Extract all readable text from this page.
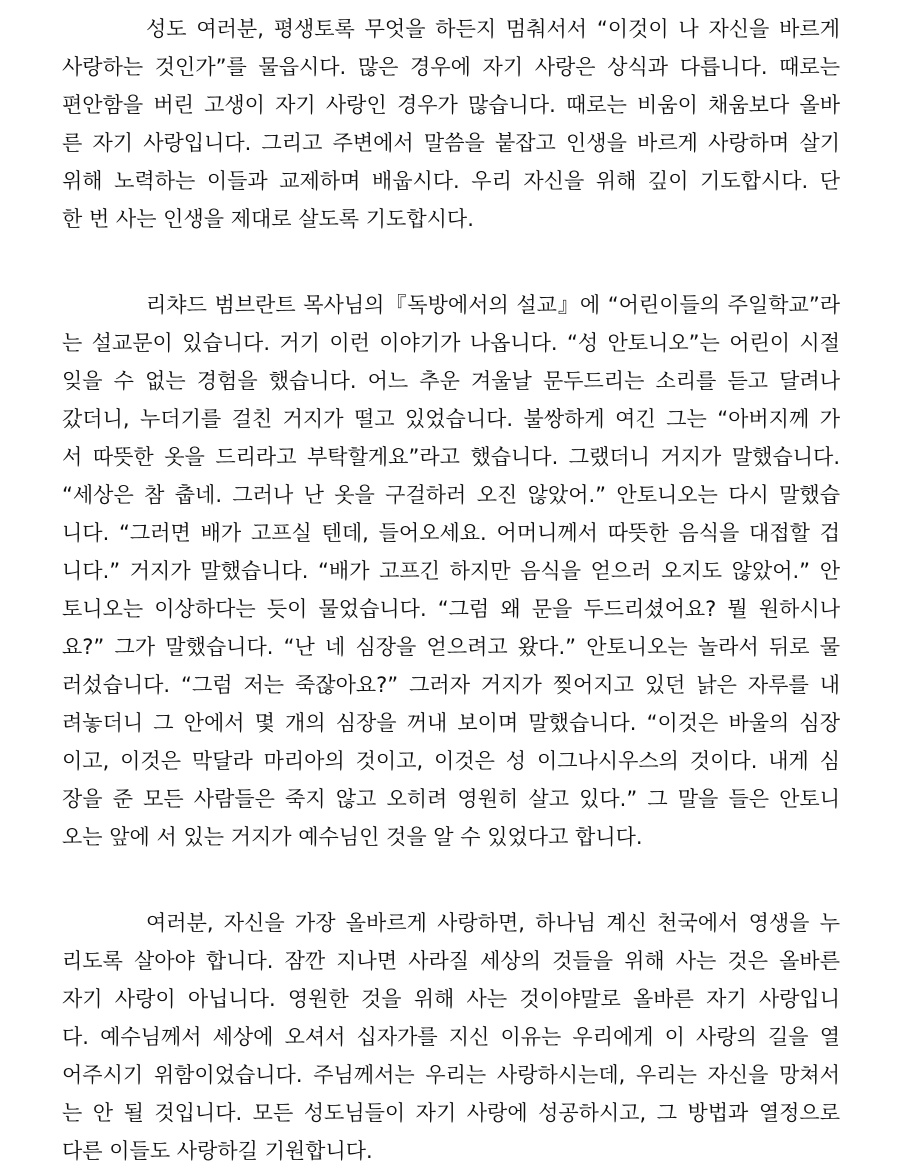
성도 여러분, 평생토록 무엇을 하든지 멈춰서서 “이것이 나 자신을 바르게
사랑하는 것인가”를 물읍시다. 많은 경우에 자기 사랑은 상식과 다릅니다. 때로는
편안함을 버린 고생이 자기 사랑인 경우가 많습니다. 때로는 비움이 채움보다 올바
른 자기 사랑입니다. 그리고 주변에서 말씀을 붙잡고 인생을 바르게 사랑하며 살기
위해 노력하는 이들과 교제하며 배웁시다. 우리 자신을 위해 깊이 기도합시다. 단
한 번 사는 인생을 제대로 살도록 기도합시다.
리챠드 범브란트 목사님의『독방에서의 설교』에 “어린이들의 주일학교”라
는 설교문이 있습니다. 거기 이런 이야기가 나옵니다. “성 안토니오”는 어린이 시절
잊을 수 없는 경험을 했습니다. 어느 추운 겨울날 문두드리는 소리를 듣고 달려나
갔더니, 누더기를 걸친 거지가 떨고 있었습니다. 불쌍하게 여긴 그는 “아버지께 가
서 따뜻한 옷을 드리라고 부탁할게요”라고 했습니다. 그랬더니 거지가 말했습니다.
“세상은 참 춥네. 그러나 난 옷을 구걸하러 오진 않았어.” 안토니오는 다시 말했습
니다. “그러면 배가 고프실 텐데, 들어오세요. 어머니께서 따뜻한 음식을 대접할 겁
니다.” 거지가 말했습니다. “배가 고프긴 하지만 음식을 얻으러 오지도 않았어.” 안
토니오는 이상하다는 듯이 물었습니다. “그럼 왜 문을 두드리셨어요? 뭘 원하시나
요?” 그가 말했습니다. “난 네 심장을 얻으려고 왔다.” 안토니오는 놀라서 뒤로 물
러섰습니다. “그럼 저는 죽잖아요?” 그러자 거지가 찢어지고 있던 낡은 자루를 내
려놓더니 그 안에서 몇 개의 심장을 꺼내 보이며 말했습니다. “이것은 바울의 심장
이고, 이것은 막달라 마리아의 것이고, 이것은 성 이그나시우스의 것이다. 내게 심
장을 준 모든 사람들은 죽지 않고 오히려 영원히 살고 있다.” 그 말을 들은 안토니
오는 앞에 서 있는 거지가 예수님인 것을 알 수 있었다고 합니다.
여러분, 자신을 가장 올바르게 사랑하면, 하나님 계신 천국에서 영생을 누
리도록 살아야 합니다. 잠깐 지나면 사라질 세상의 것들을 위해 사는 것은 올바른
자기 사랑이 아닙니다. 영원한 것을 위해 사는 것이야말로 올바른 자기 사랑입니
다. 예수님께서 세상에 오셔서 십자가를 지신 이유는 우리에게 이 사랑의 길을 열
어주시기 위함이었습니다. 주님께서는 우리는 사랑하시는데, 우리는 자신을 망쳐서
는 안 될 것입니다. 모든 성도님들이 자기 사랑에 성공하시고, 그 방법과 열정으로
다른 이들도 사랑하길 기원합니다.
